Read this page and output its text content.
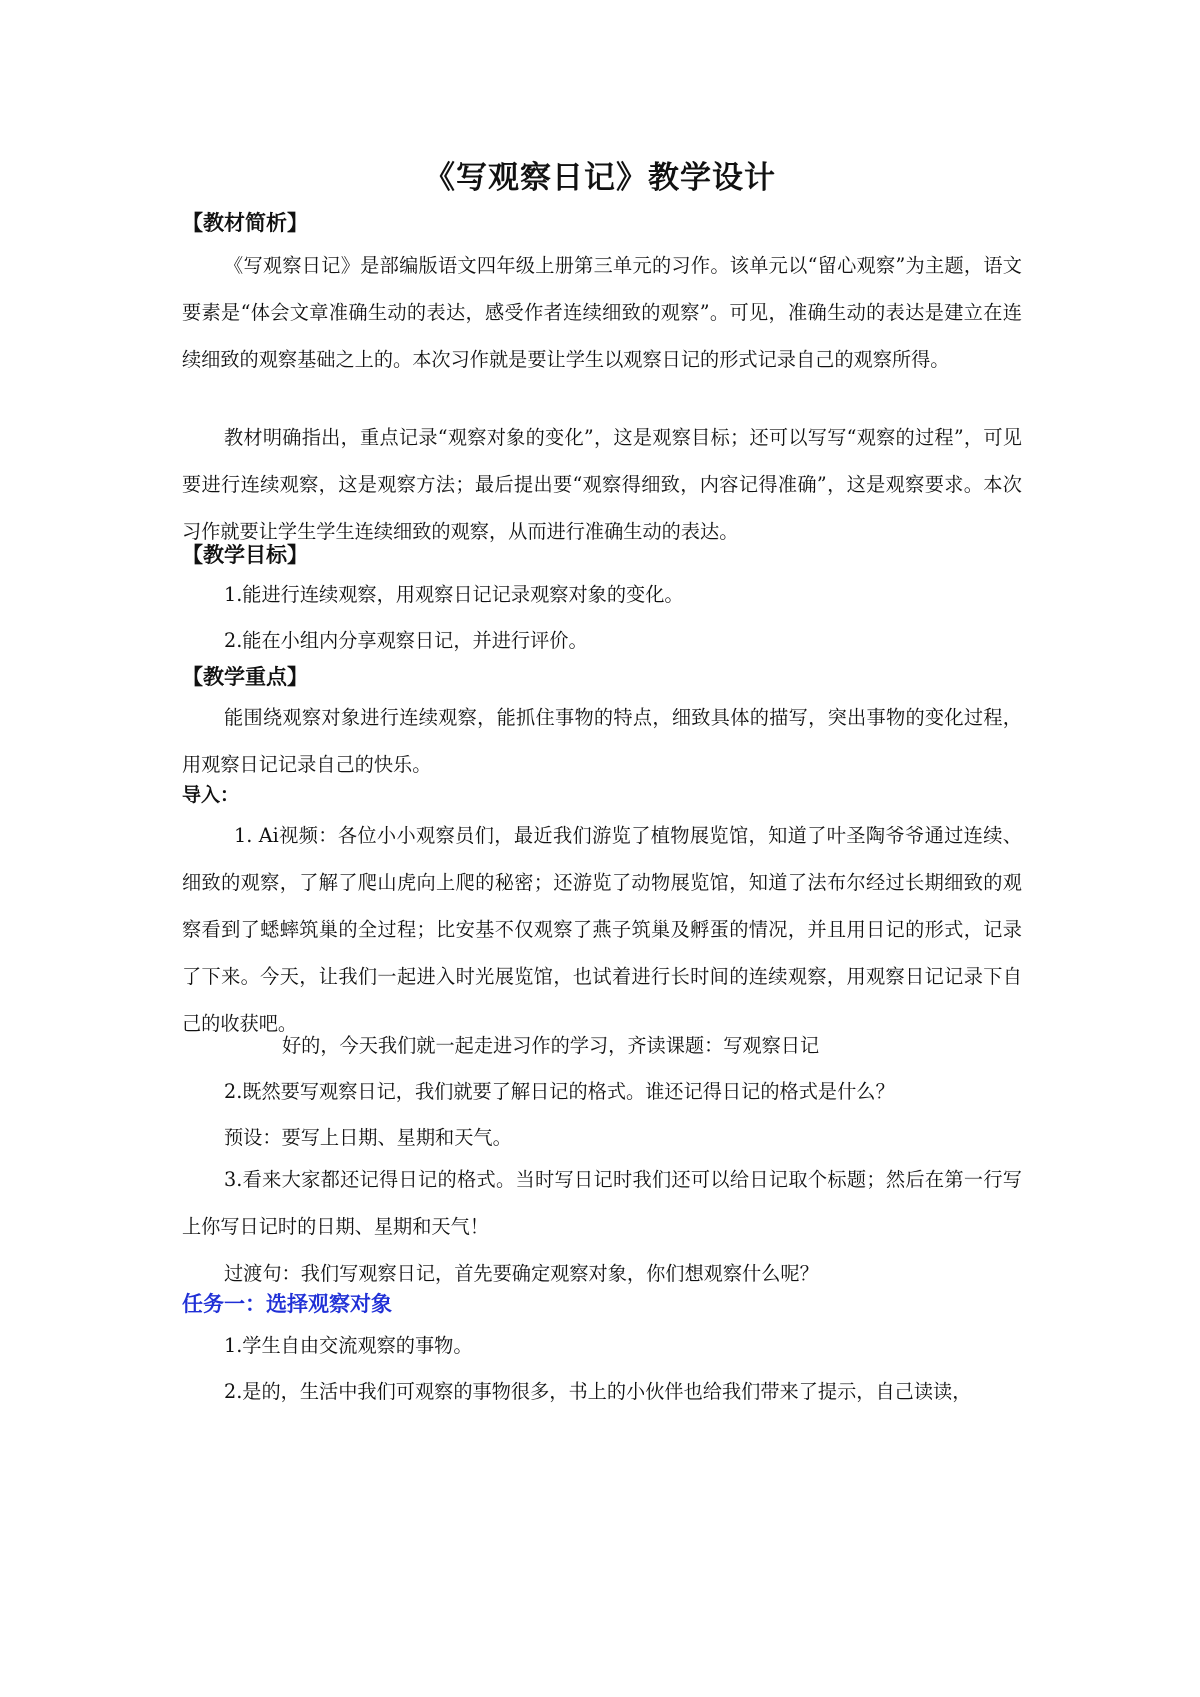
《写观察日记》教学设计
【教材简析】
《写观察日记》是部编版语文四年级上册第三单元的习作。该单元以“留心观察”为主题，语文要素是“体会文章准确生动的表达，感受作者连续细致的观察”。可见，准确生动的表达是建立在连续细致的观察基础之上的。本次习作就是要让学生以观察日记的形式记录自己的观察所得。
教材明确指出，重点记录“观察对象的变化”，这是观察目标；还可以写写“观察的过程”，可见要进行连续观察，这是观察方法；最后提出要“观察得细致，内容记得准确”，这是观察要求。本次习作就要让学生学生连续细致的观察，从而进行准确生动的表达。
【教学目标】
1.能进行连续观察，用观察日记记录观察对象的变化。
2.能在小组内分享观察日记，并进行评价。
【教学重点】
能围绕观察对象进行连续观察，能抓住事物的特点，细致具体的描写，突出事物的变化过程，用观察日记记录自己的快乐。
导入：
1. Ai视频：各位小小观察员们，最近我们游览了植物展览馆，知道了叶圣陶爷爷通过连续、细致的观察，了解了爬山虎向上爬的秘密；还游览了动物展览馆，知道了法布尔经过长期细致的观察看到了蟋蟀筑巢的全过程；比安基不仅观察了燕子筑巢及孵蛋的情况，并且用日记的形式，记录了下来。今天，让我们一起进入时光展览馆，也试着进行长时间的连续观察，用观察日记记录下自己的收获吧。
好的，今天我们就一起走进习作的学习，齐读课题：写观察日记
2.既然要写观察日记，我们就要了解日记的格式。谁还记得日记的格式是什么？
预设：要写上日期、星期和天气。
3.看来大家都还记得日记的格式。当时写日记时我们还可以给日记取个标题；然后在第一行写上你写日记时的日期、星期和天气！
过渡句：我们写观察日记，首先要确定观察对象，你们想观察什么呢？
任务一：选择观察对象
1.学生自由交流观察的事物。
2.是的，生活中我们可观察的事物很多，书上的小伙伴也给我们带来了提示，自己读读，
